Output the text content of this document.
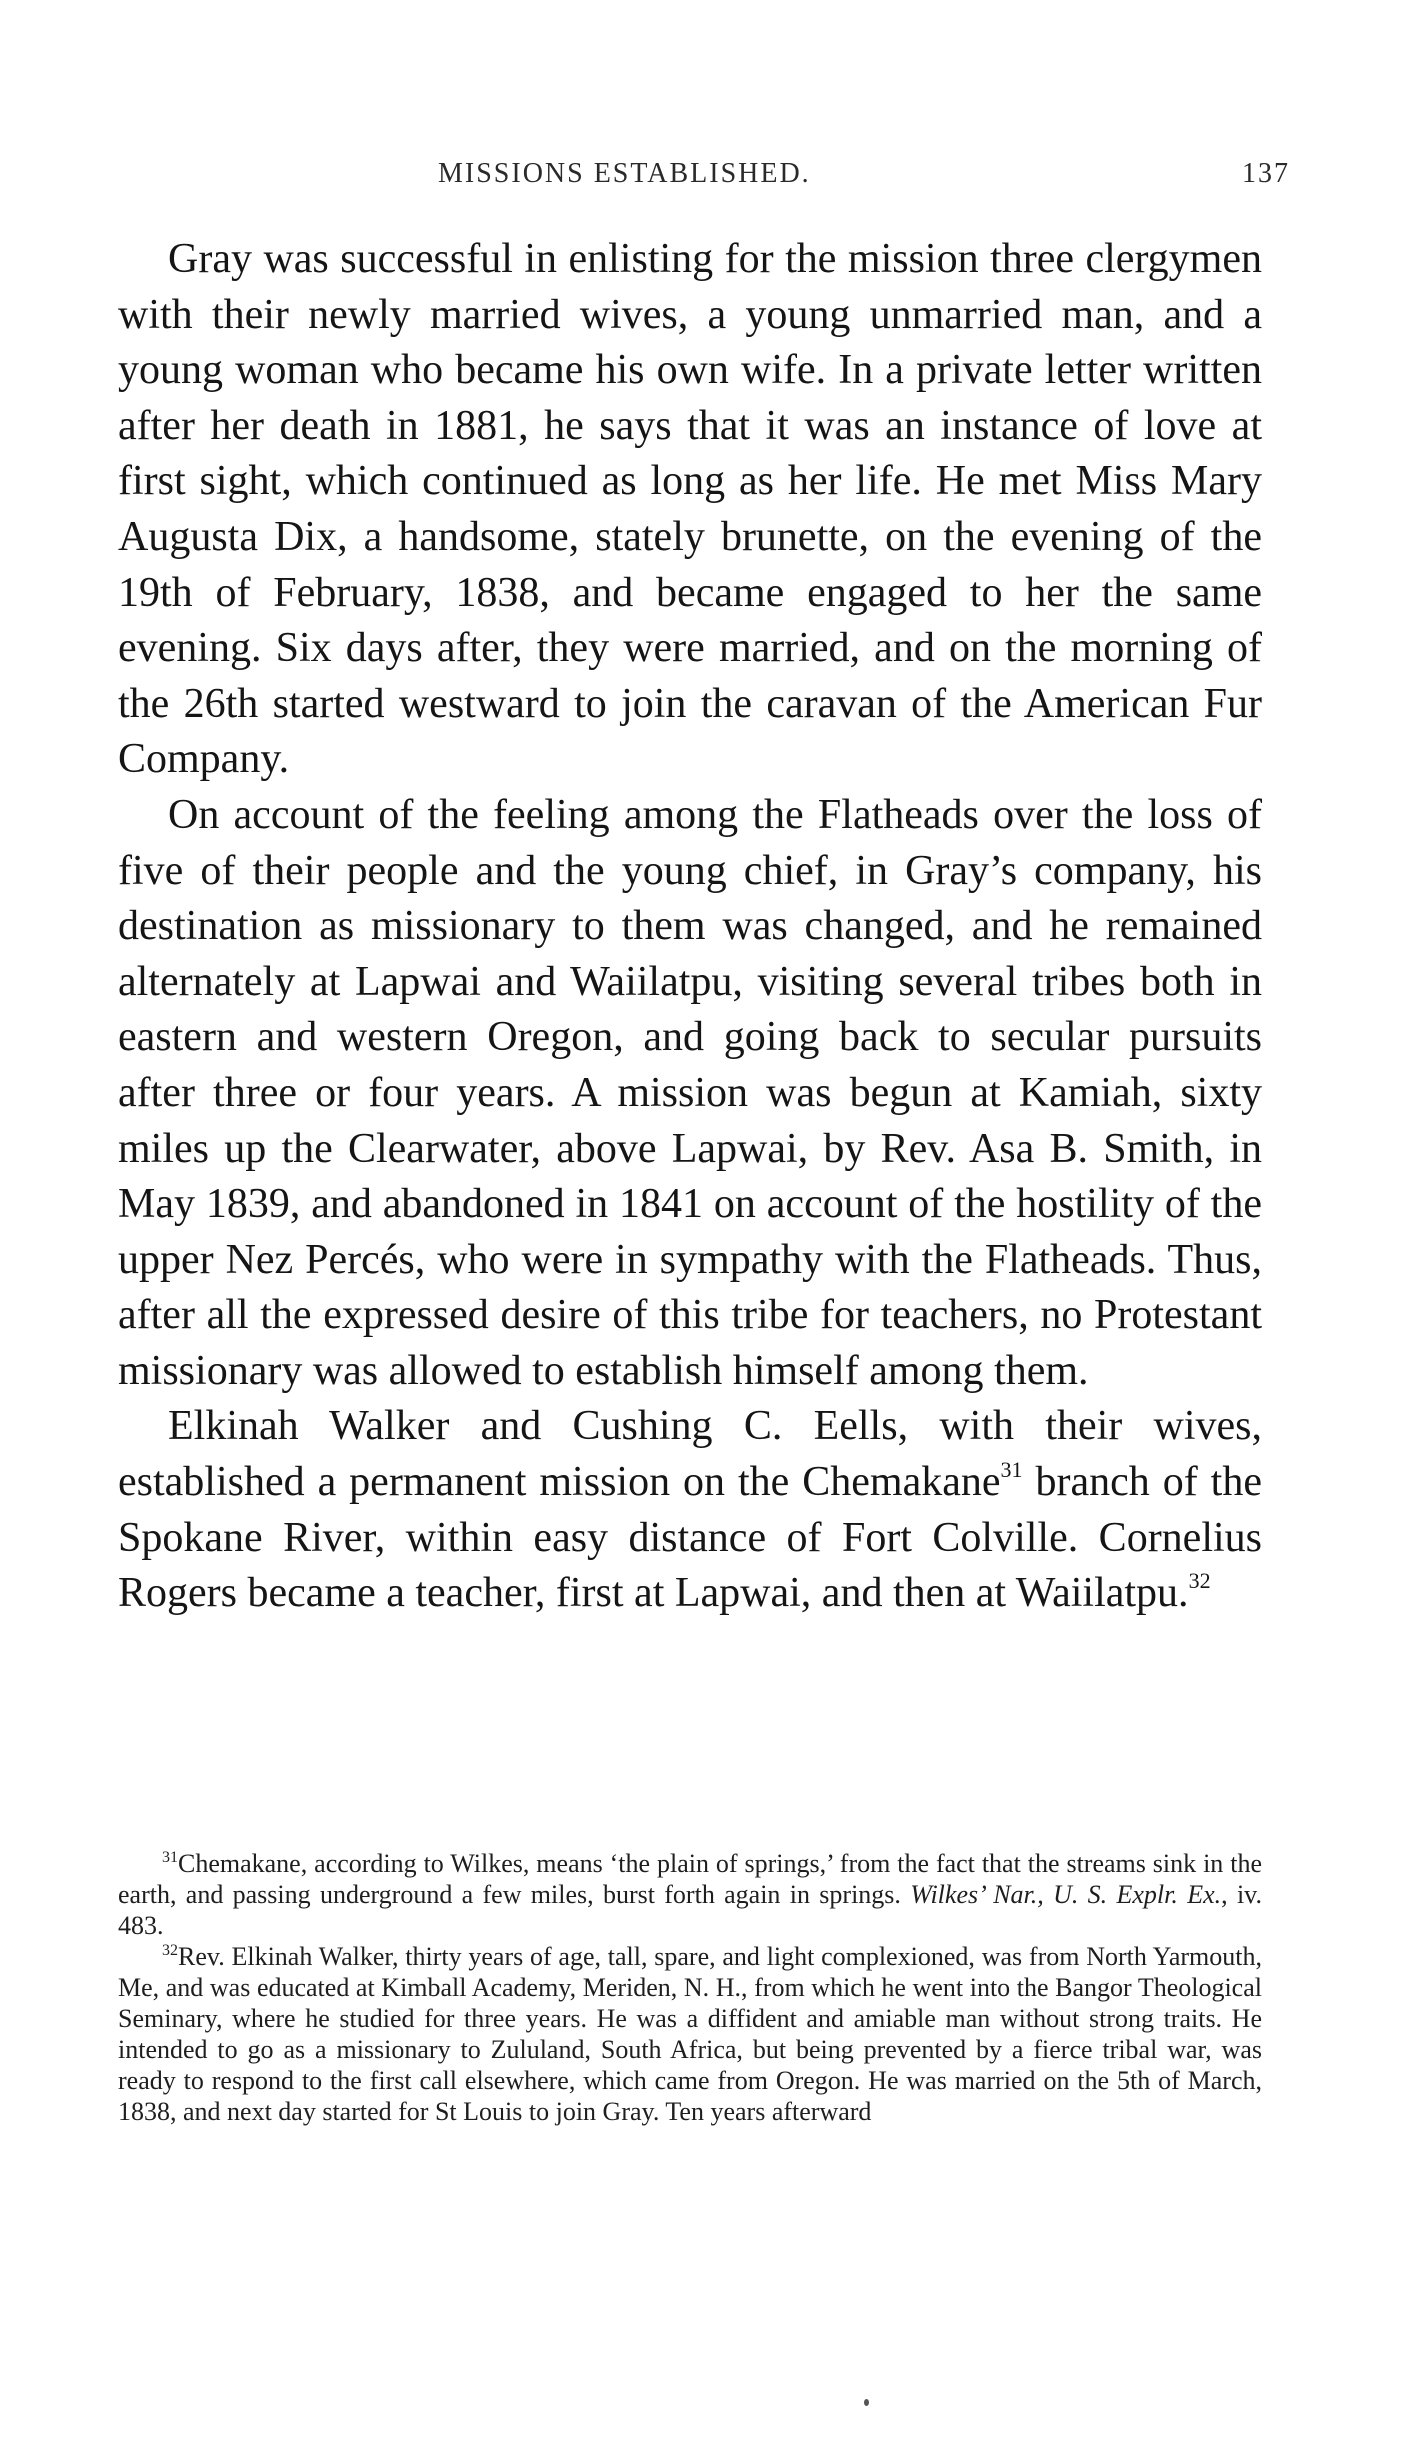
MISSIONS ESTABLISHED.	137

Gray was successful in enlisting for the mission three clergymen with their newly married wives, a young unmarried man, and a young woman who became his own wife. In a private letter written after her death in 1881, he says that it was an instance of love at first sight, which continued as long as her life. He met Miss Mary Augusta Dix, a handsome, stately brunette, on the evening of the 19th of February, 1838, and became engaged to her the same evening. Six days after, they were married, and on the morning of the 26th started westward to join the caravan of the American Fur Company.

On account of the feeling among the Flatheads over the loss of five of their people and the young chief, in Gray’s company, his destination as missionary to them was changed, and he remained alternately at Lapwai and Waiilatpu, visiting several tribes both in eastern and western Oregon, and going back to secular pursuits after three or four years. A mission was begun at Kamiah, sixty miles up the Clearwater, above Lapwai, by Rev. Asa B. Smith, in May 1839, and abandoned in 1841 on account of the hostility of the upper Nez Percés, who were in sympathy with the Flatheads. Thus, after all the expressed desire of this tribe for teachers, no Protestant missionary was allowed to establish himself among them.

Elkinah Walker and Cushing C. Eells, with their wives, established a permanent mission on the Chemakane$^{31}$ branch of the Spokane River, within easy distance of Fort Colville. Cornelius Rogers became a teacher, first at Lapwai, and then at Waiilatpu.$^{32}$

$^{31}$Chemakane, according to Wilkes, means ‘the plain of springs,’ from the fact that the streams sink in the earth, and passing underground a few miles, burst forth again in springs. Wilkes’ Nar., U. S. Explr. Ex., iv. 483.

$^{32}$Rev. Elkinah Walker, thirty years of age, tall, spare, and light complexioned, was from North Yarmouth, Me, and was educated at Kimball Academy, Meriden, N. H., from which he went into the Bangor Theological Seminary, where he studied for three years. He was a diffident and amiable man without strong traits. He intended to go as a missionary to Zululand, South Africa, but being prevented by a fierce tribal war, was ready to respond to the first call elsewhere, which came from Oregon. He was married on the 5th of March, 1838, and next day started for St Louis to join Gray. Ten years afterward
